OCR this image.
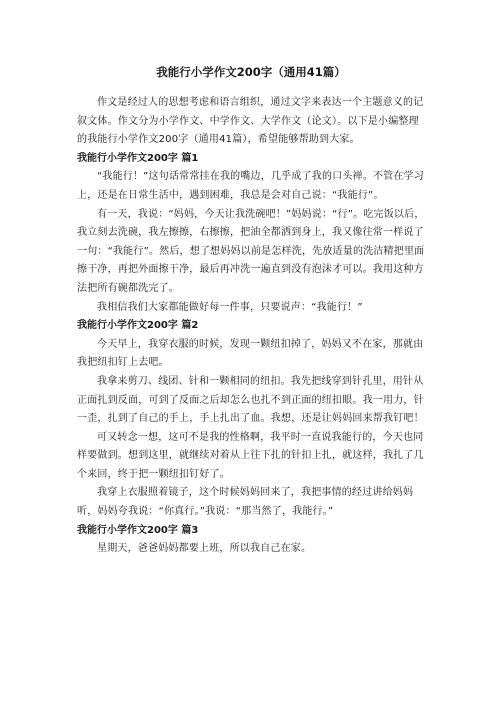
我能行小学作文200字（通用41篇）

作文是经过人的思想考虑和语言组织，通过文字来表达一个主题意义的记叙文体。作文分为小学作文、中学作文、大学作文（论文）。以下是小编整理的我能行小学作文200字（通用41篇），希望能够帮助到大家。

我能行小学作文200字 篇1

“我能行！”这句话常常挂在我的嘴边，几乎成了我的口头禅。不管在学习上，还是在日常生活中，遇到困难，我总是会对自己说：“我能行”。

有一天，我说：“妈妈，今天让我洗碗吧！”妈妈说：“行”。吃完饭以后，我立刻去洗碗，我左擦擦，右擦擦，把油全都洒到身上，我又像往常一样说了一句：“我能行”。然后，想了想妈妈以前是怎样洗，先放适量的洗洁精把里面擦干净，再把外面擦干净，最后再冲洗一遍直到没有泡沫才可以。我用这种方法把所有碗都洗完了。

我相信我们大家都能做好每一件事，只要说声：“我能行！”

我能行小学作文200字 篇2

今天早上，我穿衣服的时候，发现一颗纽扣掉了，妈妈又不在家，那就由我把纽扣钉上去吧。

我拿来剪刀、线团、针和一颗相同的纽扣。我先把线穿到针孔里，用针从正面扎到反面，可到了反面之后却怎么也扎不到正面的纽扣眼。我一用力，针一歪，扎到了自己的手上，手上扎出了血。我想，还是让妈妈回来帮我钉吧！

可又转念一想，这可不是我的性格啊，我平时一直说我能行的，今天也同样要做到。想到这里，就继续对着从上往下扎的针扣上扎，就这样，我扎了几个来回，终于把一颗纽扣钉好了。

我穿上衣服照着镜子，这个时候妈妈回来了，我把事情的经过讲给妈妈听，妈妈夸我说：“你真行。”我说：“那当然了，我能行。”

我能行小学作文200字 篇3

星期天，爸爸妈妈都要上班，所以我自己在家。
